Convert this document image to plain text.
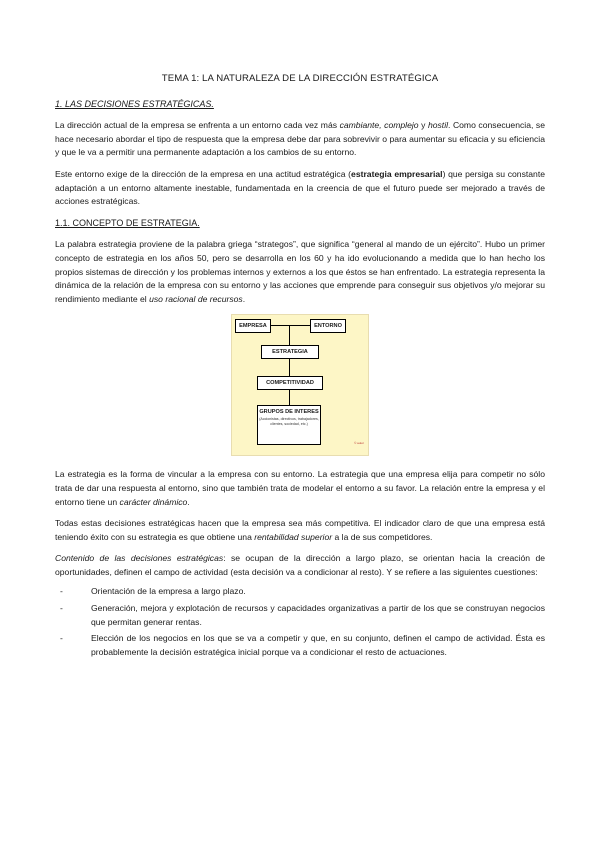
TEMA 1: LA NATURALEZA DE LA DIRECCIÓN ESTRATÉGICA
1. LAS DECISIONES ESTRATÉGICAS.

La dirección actual de la empresa se enfrenta a un entorno cada vez más cambiante, complejo y hostil. Como consecuencia, se hace necesario abordar el tipo de respuesta que la empresa debe dar para sobrevivir o para aumentar su eficacia y su eficiencia y que le va a permitir una permanente adaptación a los cambios de su entorno.

Este entorno exige de la dirección de la empresa en una actitud estratégica (estrategia empresarial) que persiga su constante adaptación a un entorno altamente inestable, fundamentada en la creencia de que el futuro puede ser mejorado a través de acciones estratégicas.

1.1. CONCEPTO DE ESTRATEGIA.

La palabra estrategia proviene de la palabra griega “strategos”, que significa “general al mando de un ejército”. Hubo un primer concepto de estrategia en los años 50, pero se desarrolla en los 60 y ha ido evolucionando a medida que lo han hecho los propios sistemas de dirección y los problemas internos y externos a los que éstos se han enfrentado. La estrategia representa la dinámica de la relación de la empresa con su entorno y las acciones que emprende para conseguir sus objetivos y/o mejorar su rendimiento mediante el uso racional de recursos.

EMPRESA	ENTORNO
ESTRATEGIA
COMPETITIVIDAD
GRUPOS DE INTERES
(Accionistas, directivos, trabajadores, clientes, sociedad, etc.)
© autor

La estrategia es la forma de vincular a la empresa con su entorno. La estrategia que una empresa elija para competir no sólo trata de dar una respuesta al entorno, sino que también trata de modelar el entorno a su favor. La relación entre la empresa y el entorno tiene un carácter dinámico.

Todas estas decisiones estratégicas hacen que la empresa sea más competitiva. El indicador claro de que una empresa está teniendo éxito con su estrategia es que obtiene una rentabilidad superior a la de sus competidores.

Contenido de las decisiones estratégicas: se ocupan de la dirección a largo plazo, se orientan hacia la creación de oportunidades, definen el campo de actividad (esta decisión va a condicionar al resto). Y se refiere a las siguientes cuestiones:

- Orientación de la empresa a largo plazo.
- Generación, mejora y explotación de recursos y capacidades organizativas a partir de los que se construyan negocios que permitan generar rentas.
- Elección de los negocios en los que se va a competir y que, en su conjunto, definen el campo de actividad. Ésta es probablemente la decisión estratégica inicial porque va a condicionar el resto de actuaciones.
